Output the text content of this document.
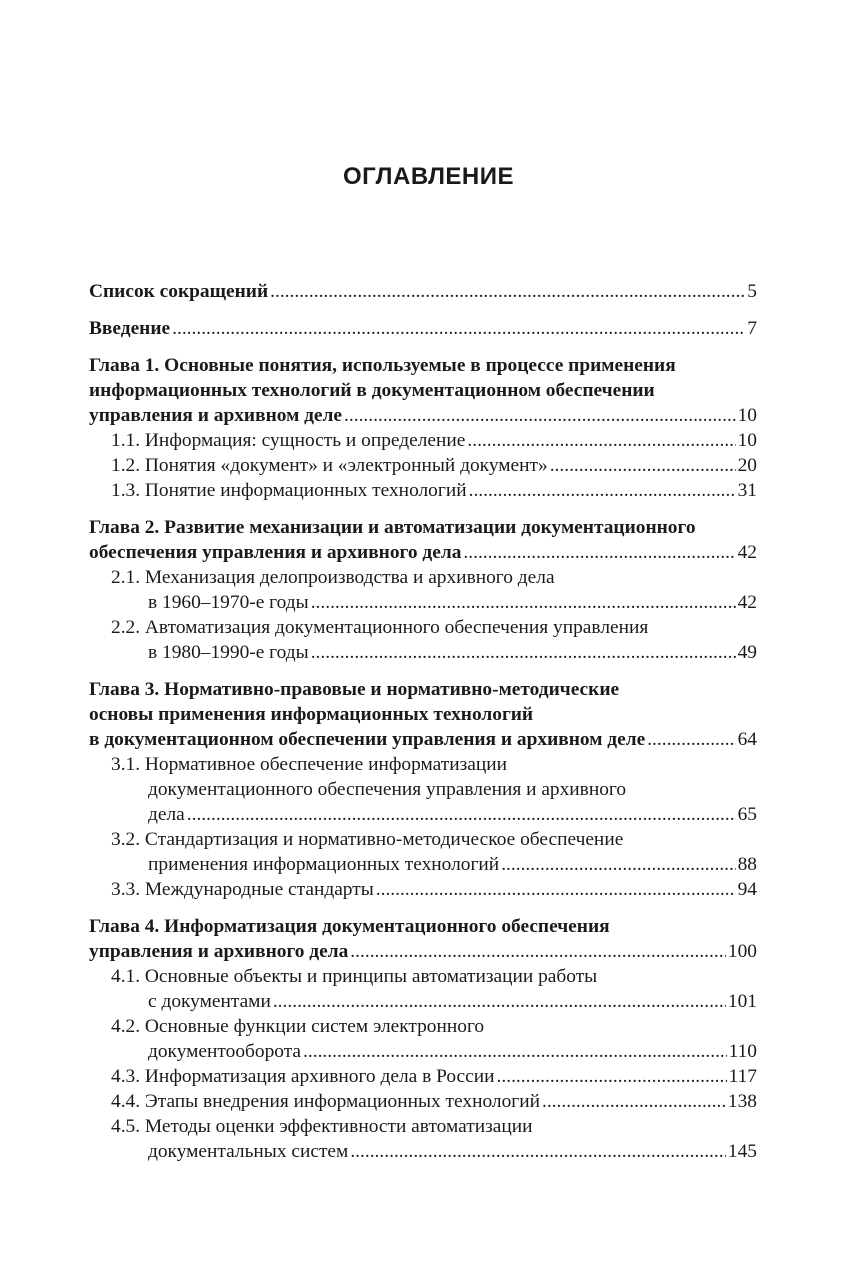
ОГЛАВЛЕНИЕ
Список сокращений .....	5
Введение .....	7
Глава 1. Основные понятия, используемые в процессе применения
информационных технологий в документационном обеспечении
управления и архивном деле .....	10
1.1. Информация: сущность и определение .....	10
1.2. Понятия «документ» и «электронный документ» .....	20
1.3. Понятие информационных технологий .....	31
Глава 2. Развитие механизации и автоматизации документационного
обеспечения управления и архивного дела .....	42
2.1. Механизация делопроизводства и архивного дела
в 1960–1970-е годы .....	42
2.2. Автоматизация документационного обеспечения управления
в 1980–1990-е годы .....	49
Глава 3. Нормативно-правовые и нормативно-методические
основы применения информационных технологий
в документационном обеспечении управления и архивном деле .....	64
3.1. Нормативное обеспечение информатизации
документационного обеспечения управления и архивного
дела .....	65
3.2. Стандартизация и нормативно-методическое обеспечение
применения информационных технологий .....	88
3.3. Международные стандарты .....	94
Глава 4. Информатизация документационного обеспечения
управления и архивного дела .....	100
4.1. Основные объекты и принципы автоматизации работы
с документами .....	101
4.2. Основные функции систем электронного
документооборота .....	110
4.3. Информатизация архивного дела в России .....	117
4.4. Этапы внедрения информационных технологий .....	138
4.5. Методы оценки эффективности автоматизации
документальных систем .....	145
